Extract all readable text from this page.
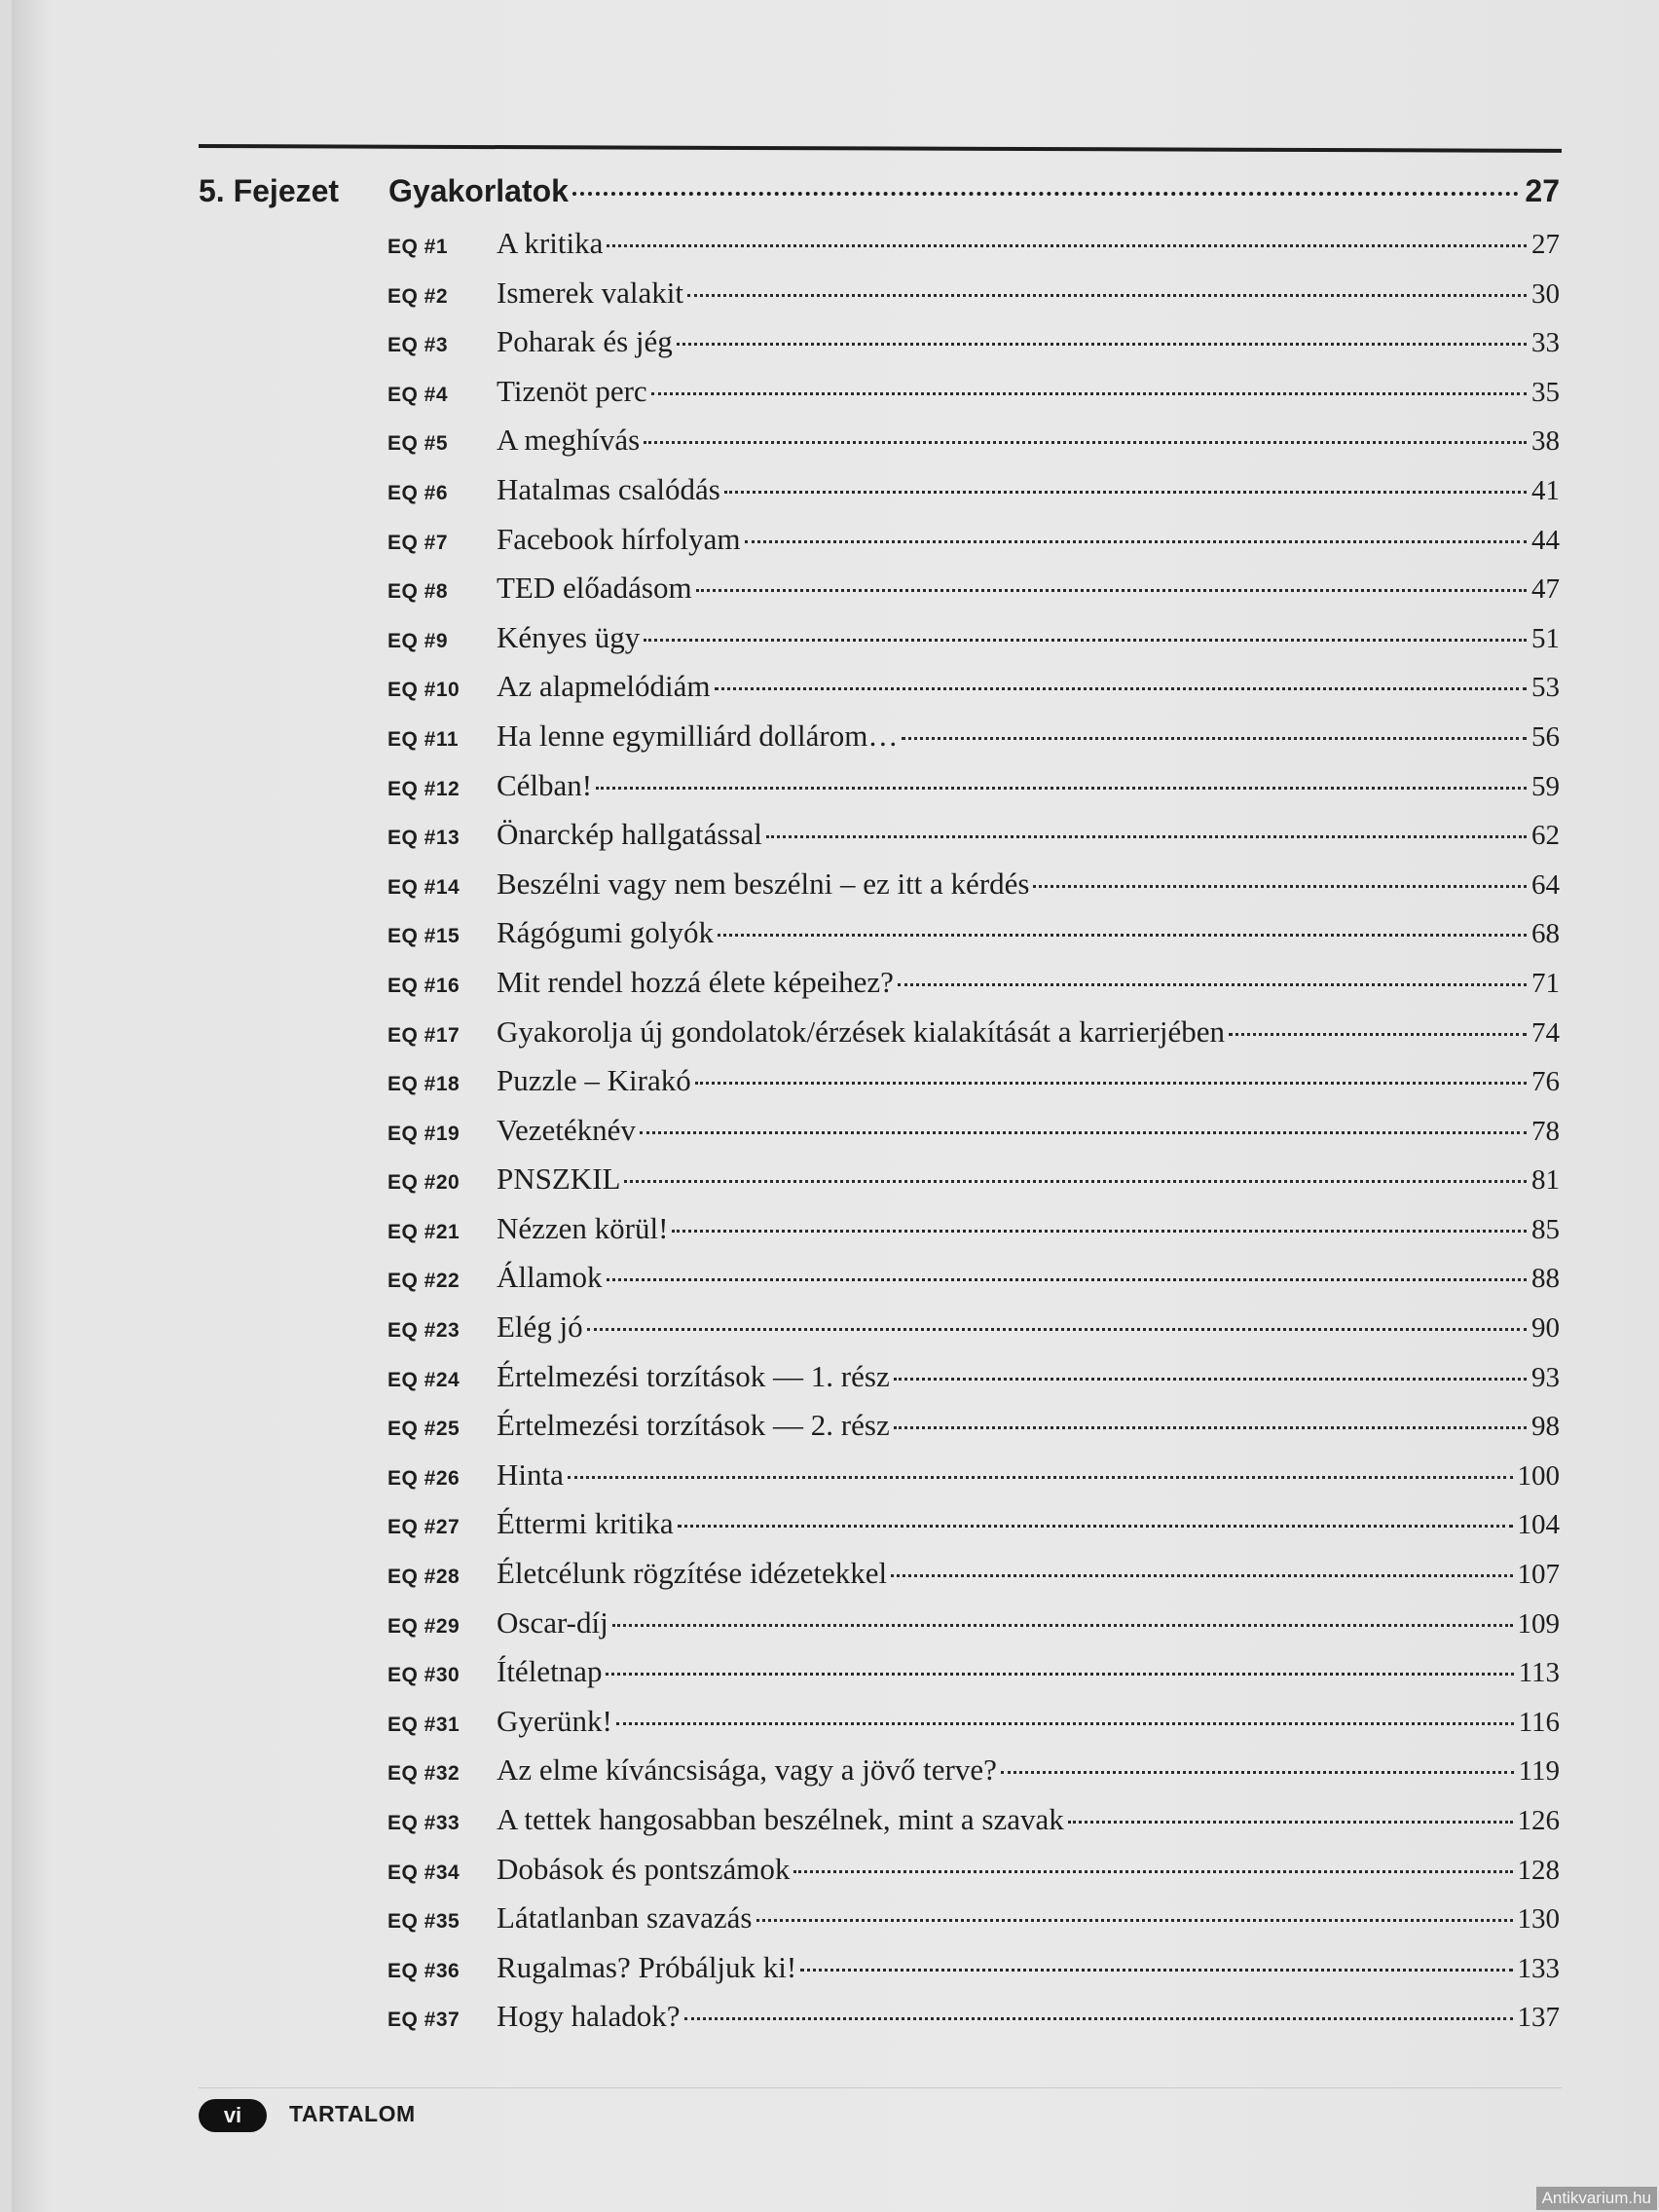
5. Fejezet	Gyakorlatok	27
EQ #1	A kritika	27
EQ #2	Ismerek valakit	30
EQ #3	Poharak és jég	33
EQ #4	Tizenöt perc	35
EQ #5	A meghívás	38
EQ #6	Hatalmas csalódás	41
EQ #7	Facebook hírfolyam	44
EQ #8	TED előadásom	47
EQ #9	Kényes ügy	51
EQ #10	Az alapmelódiám	53
EQ #11	Ha lenne egymilliárd dollárom…	56
EQ #12	Célban!	59
EQ #13	Önarckép hallgatással	62
EQ #14	Beszélni vagy nem beszélni – ez itt a kérdés	64
EQ #15	Rágógumi golyók	68
EQ #16	Mit rendel hozzá élete képeihez?	71
EQ #17	Gyakorolja új gondolatok/érzések kialakítását a karrierjében	74
EQ #18	Puzzle – Kirakó	76
EQ #19	Vezetéknév	78
EQ #20	PNSZKIL	81
EQ #21	Nézzen körül!	85
EQ #22	Államok	88
EQ #23	Elég jó	90
EQ #24	Értelmezési torzítások — 1. rész	93
EQ #25	Értelmezési torzítások — 2. rész	98
EQ #26	Hinta	100
EQ #27	Éttermi kritika	104
EQ #28	Életcélunk rögzítése idézetekkel	107
EQ #29	Oscar-díj	109
EQ #30	Ítéletnap	113
EQ #31	Gyerünk!	116
EQ #32	Az elme kíváncsisága, vagy a jövő terve?	119
EQ #33	A tettek hangosabban beszélnek, mint a szavak	126
EQ #34	Dobások és pontszámok	128
EQ #35	Látatlanban szavazás	130
EQ #36	Rugalmas? Próbáljuk ki!	133
EQ #37	Hogy haladok?	137
vi	TARTALOM
Antikvarium.hu
